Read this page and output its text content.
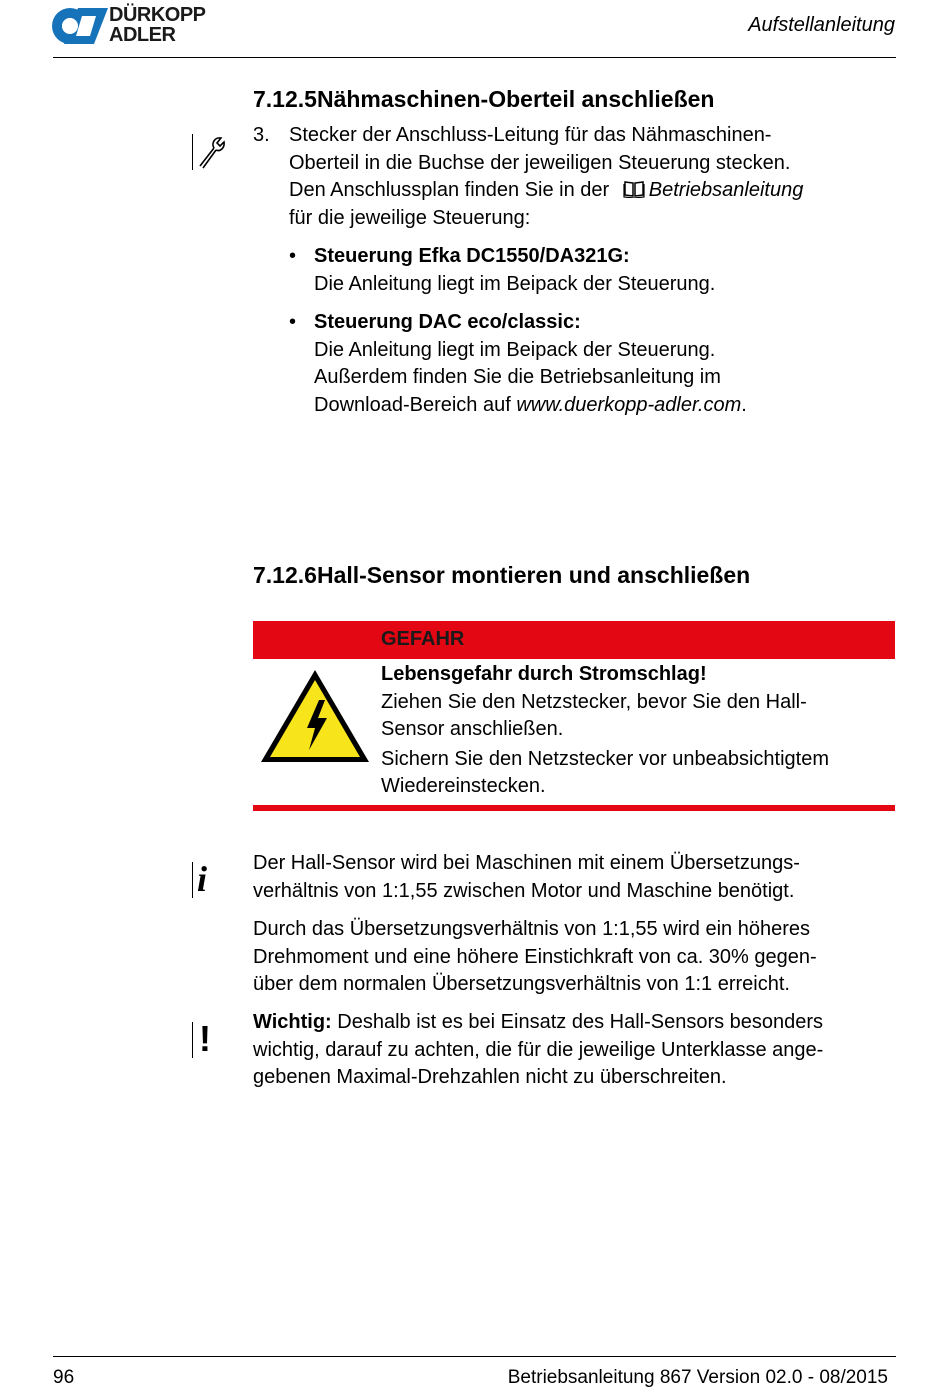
DÜRKOPP
ADLER	Aufstellanleitung
7.12.5Nähmaschinen-Oberteil anschließen
3. Stecker der Anschluss-Leitung für das Nähmaschinen-
Oberteil in die Buchse der jeweiligen Steuerung stecken.
Den Anschlussplan finden Sie in der Betriebsanleitung
für die jeweilige Steuerung:
• Steuerung Efka DC1550/DA321G:
Die Anleitung liegt im Beipack der Steuerung.
• Steuerung DAC eco/classic:
Die Anleitung liegt im Beipack der Steuerung.
Außerdem finden Sie die Betriebsanleitung im
Download-Bereich auf www.duerkopp-adler.com.
7.12.6Hall-Sensor montieren und anschließen
GEFAHR
Lebensgefahr durch Stromschlag!
Ziehen Sie den Netzstecker, bevor Sie den Hall-
Sensor anschließen.
Sichern Sie den Netzstecker vor unbeabsichtigtem
Wiedereinstecken.
i Der Hall-Sensor wird bei Maschinen mit einem Übersetzungs-
verhältnis von 1:1,55 zwischen Motor und Maschine benötigt.
Durch das Übersetzungsverhältnis von 1:1,55 wird ein höheres
Drehmoment und eine höhere Einstichkraft von ca. 30% gegen-
über dem normalen Übersetzungsverhältnis von 1:1 erreicht.
! Wichtig: Deshalb ist es bei Einsatz des Hall-Sensors besonders
wichtig, darauf zu achten, die für die jeweilige Unterklasse ange-
gebenen Maximal-Drehzahlen nicht zu überschreiten.
96	Betriebsanleitung 867 Version 02.0 - 08/2015
